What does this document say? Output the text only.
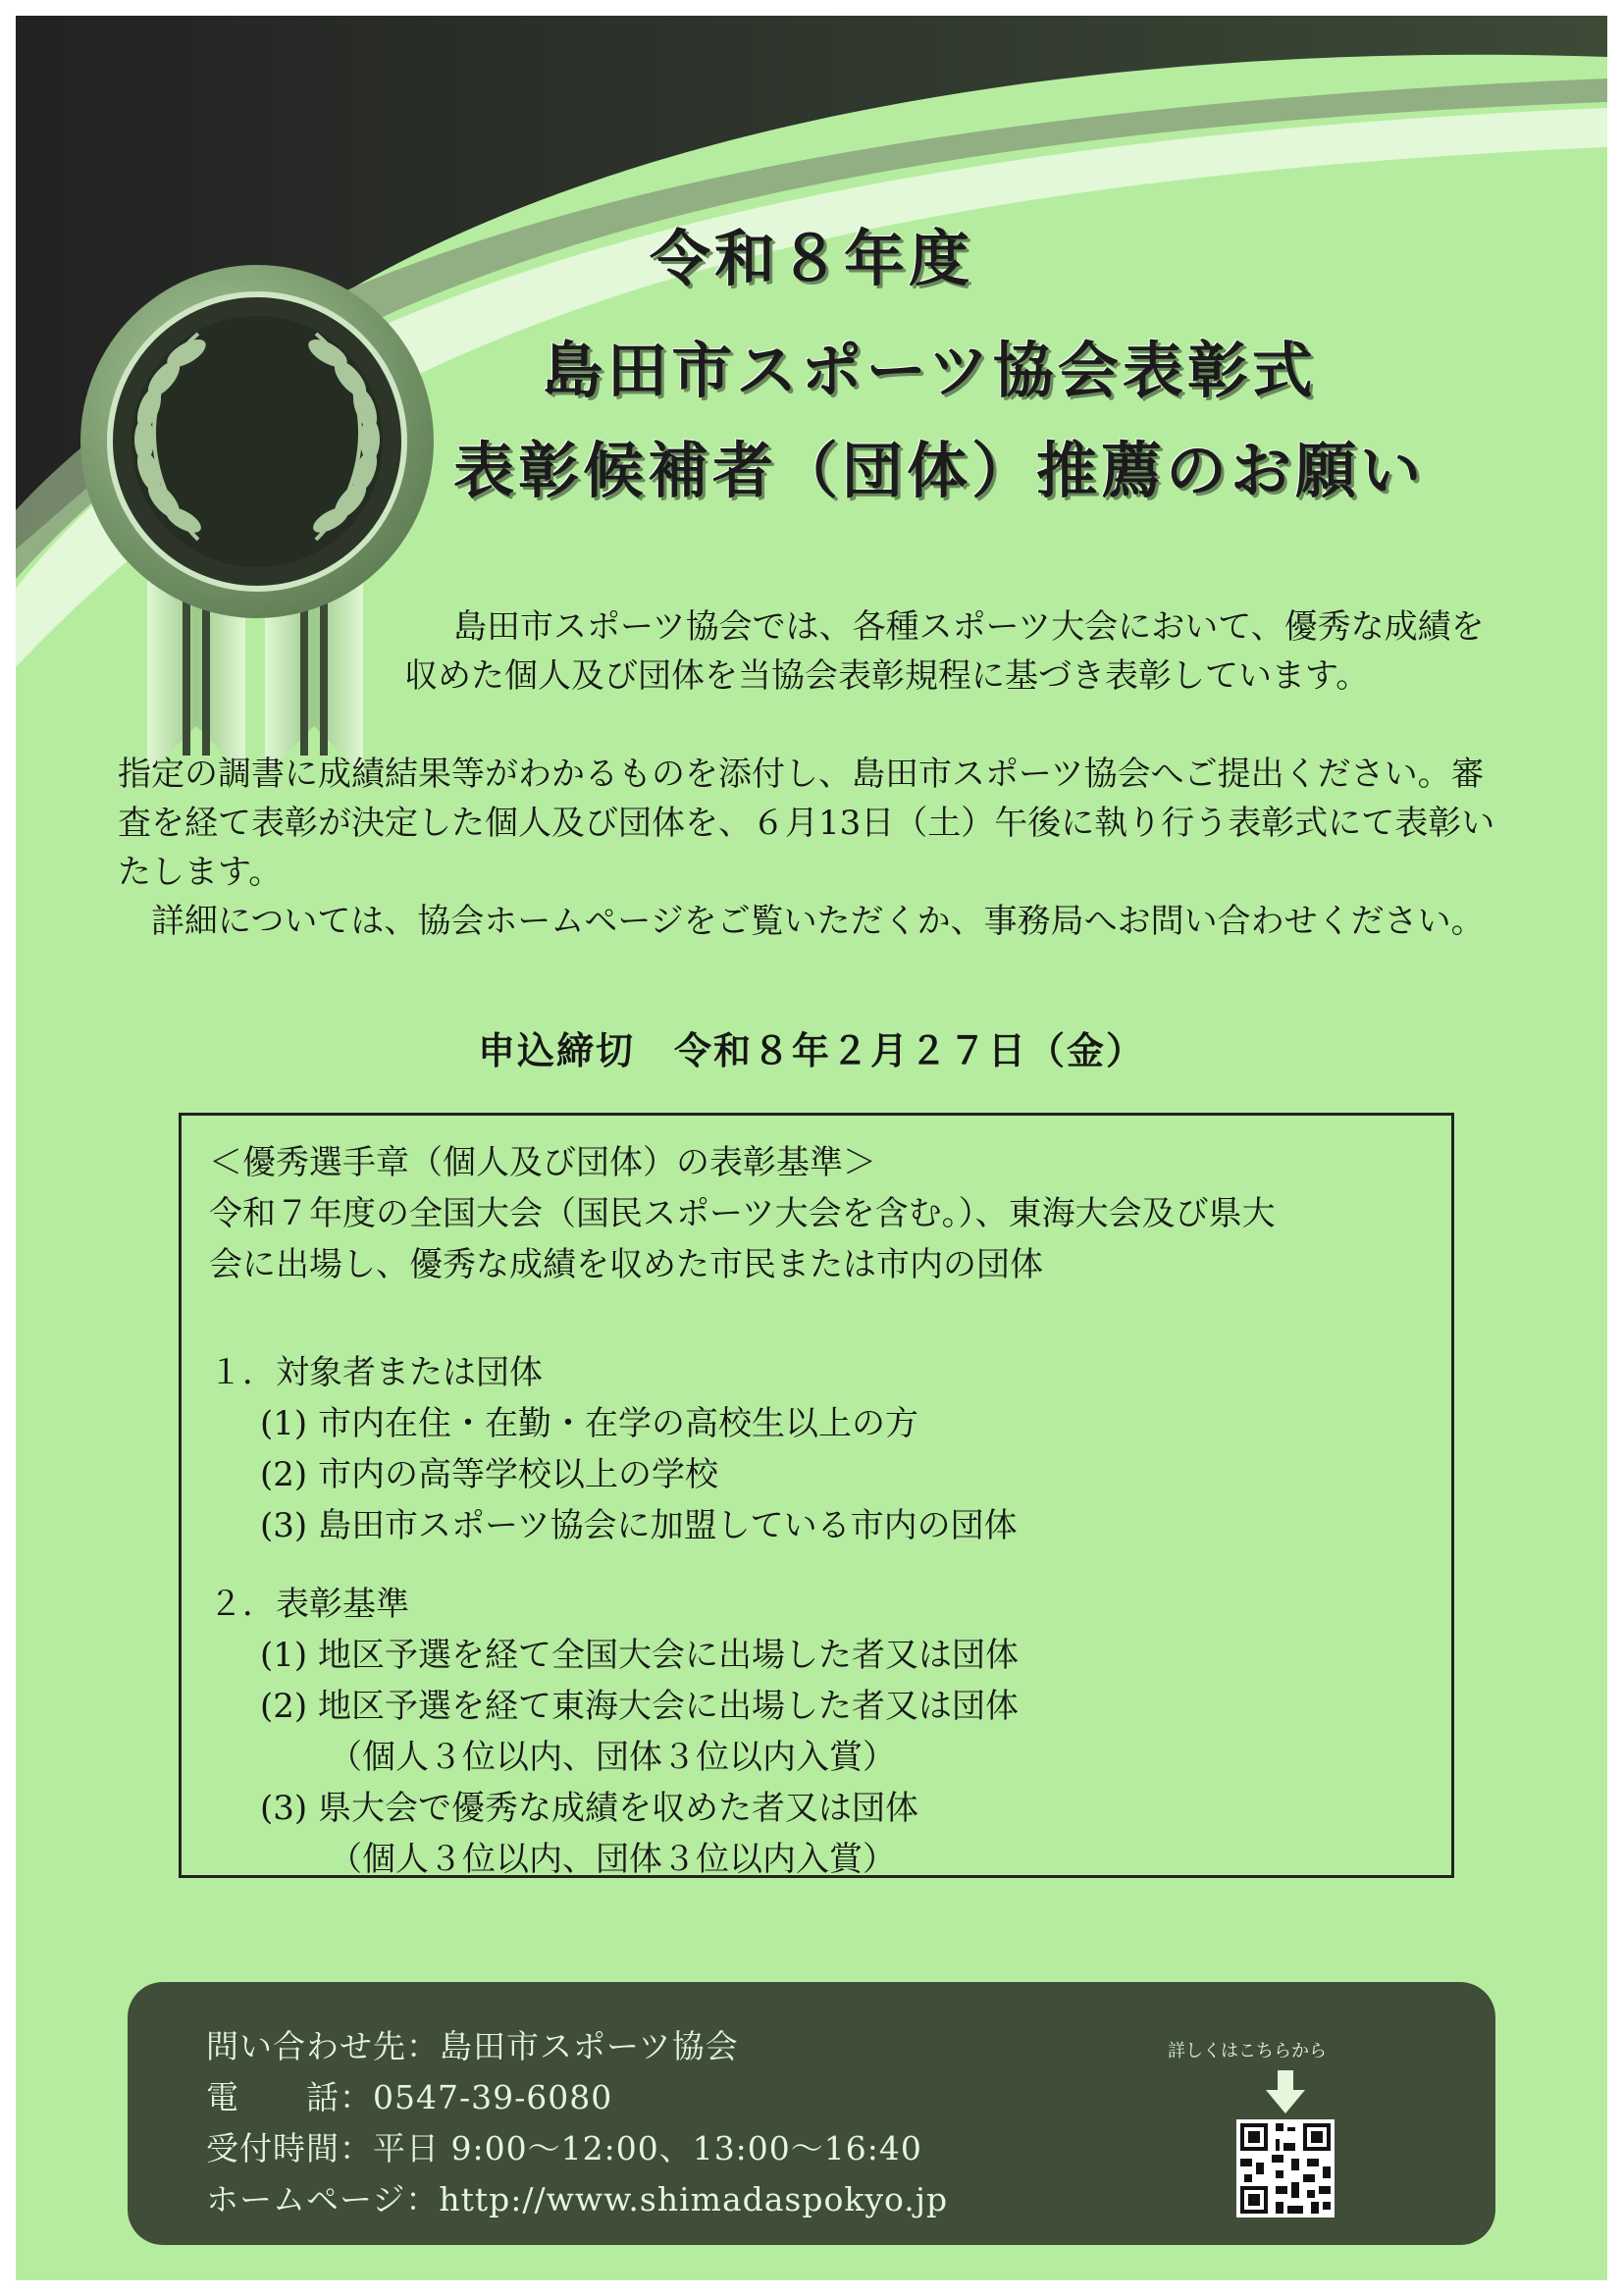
令和８年度
島田市スポーツ協会表彰式
表彰候補者（団体）推薦のお願い

島田市スポーツ協会では、各種スポーツ大会において、優秀な成績を収めた個人及び団体を当協会表彰規程に基づき表彰しています。

指定の調書に成績結果等がわかるものを添付し、島田市スポーツ協会へご提出ください。審査を経て表彰が決定した個人及び団体を、６月13日（土）午後に執り行う表彰式にて表彰いたします。

詳細については、協会ホームページをご覧いただくか、事務局へお問い合わせください。

申込締切　令和８年２月２７日（金）
＜優秀選手章（個人及び団体）の表彰基準＞
令和７年度の全国大会（国民スポーツ大会を含む。）、東海大会及び県大
会に出場し、優秀な成績を収めた市民または市内の団体
１．対象者または団体
(1) 市内在住・在勤・在学の高校生以上の方
(2) 市内の高等学校以上の学校
(3) 島田市スポーツ協会に加盟している市内の団体
２．表彰基準
(1) 地区予選を経て全国大会に出場した者又は団体
(2) 地区予選を経て東海大会に出場した者又は団体
（個人３位以内、団体３位以内入賞）
(3) 県大会で優秀な成績を収めた者又は団体
（個人３位以内、団体３位以内入賞）
問い合わせ先：島田市スポーツ協会
電　　話：0547-39-6080
受付時間：平日 9:00～12:00、13:00～16:40
ホームページ：http://www.shimadaspokyo.jp
詳しくはこちらから
